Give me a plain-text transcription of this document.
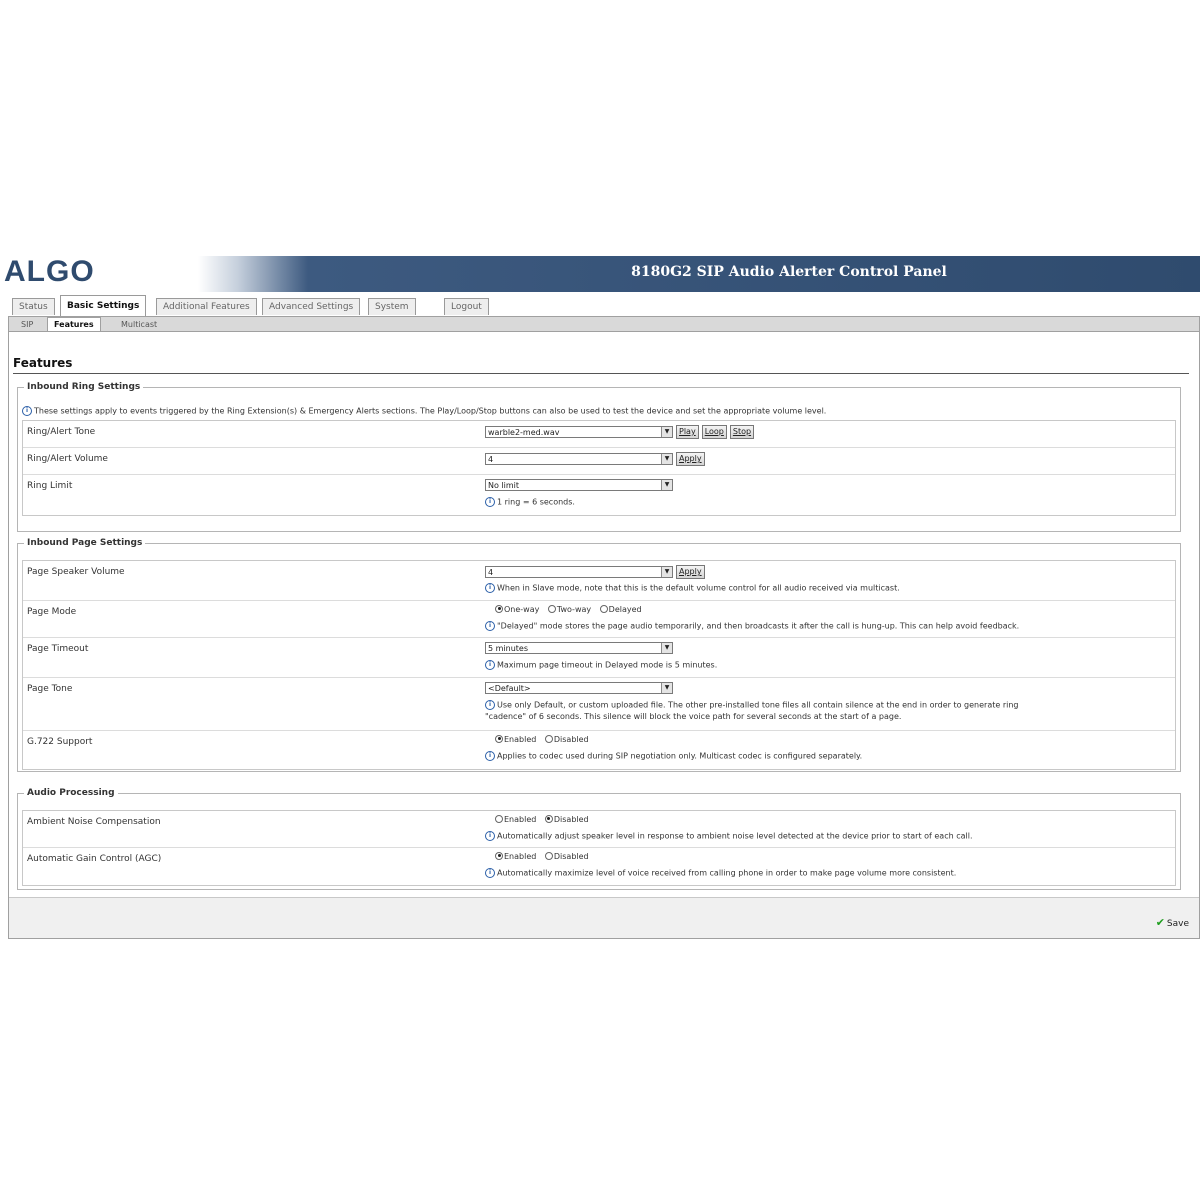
ALGO	8180G2 SIP Audio Alerter Control Panel
Status	Basic Settings	Additional Features	Advanced Settings	System	Logout
SIP	Features	Multicast
Features
Inbound Ring Settings
i These settings apply to events triggered by the Ring Extension(s) & Emergency Alerts sections. The Play/Loop/Stop buttons can also be used to test the device and set the appropriate volume level.
Ring/Alert Tone	warble2-med.wav	▼	Play Loop Stop
Ring/Alert Volume	4	▼	Apply
Ring Limit	No limit	▼
i 1 ring = 6 seconds.
Inbound Page Settings
Page Speaker Volume	4	▼	Apply
i When in Slave mode, note that this is the default volume control for all audio received via multicast.
Page Mode	One-way Two-way Delayed
i "Delayed" mode stores the page audio temporarily, and then broadcasts it after the call is hung-up. This can help avoid feedback.
Page Timeout	5 minutes	▼
i Maximum page timeout in Delayed mode is 5 minutes.
Page Tone	<Default>	▼
i Use only Default, or custom uploaded file. The other pre-installed tone files all contain silence at the end in order to generate ring
"cadence" of 6 seconds. This silence will block the voice path for several seconds at the start of a page.
G.722 Support	Enabled Disabled
i Applies to codec used during SIP negotiation only. Multicast codec is configured separately.
Audio Processing
Ambient Noise Compensation	Enabled Disabled
i Automatically adjust speaker level in response to ambient noise level detected at the device prior to start of each call.
Automatic Gain Control (AGC)	Enabled Disabled
i Automatically maximize level of voice received from calling phone in order to make page volume more consistent.
✔ Save
